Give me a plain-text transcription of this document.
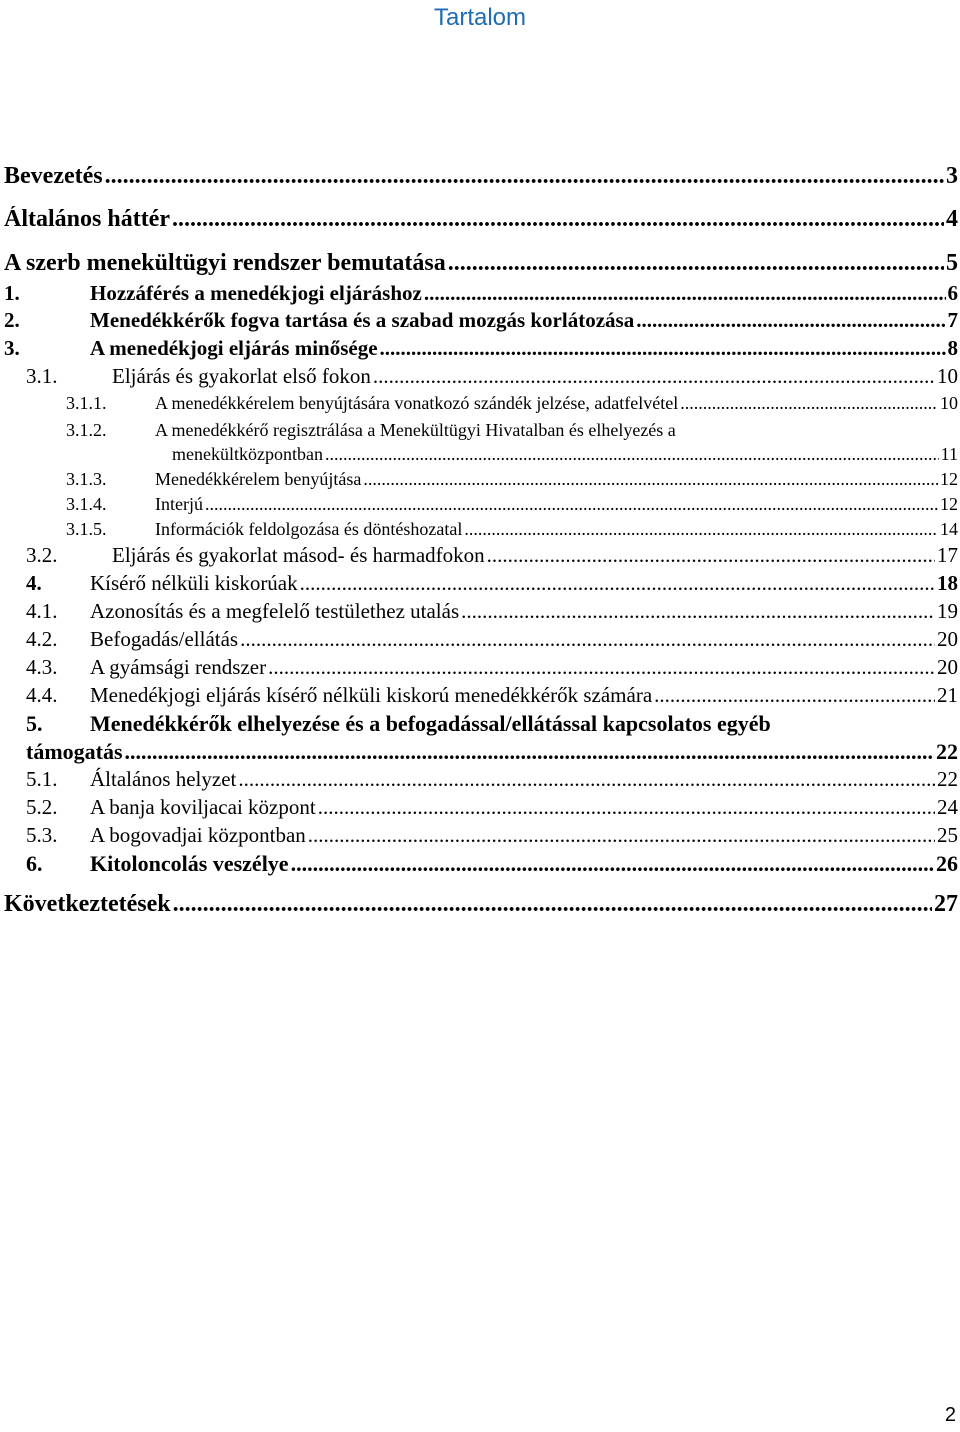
Tartalom
Bevezetés .....	3
Általános háttér .....	4
A szerb menekültügyi rendszer bemutatása .....	5
1.	Hozzáférés a menedékjogi eljáráshoz .....	6
2.	Menedékkérők fogva tartása és a szabad mozgás korlátozása .....	7
3.	A menedékjogi eljárás minősége .....	8
3.1.	Eljárás és gyakorlat első fokon .....	10
3.1.1.	A menedékkérelem benyújtására vonatkozó szándék jelzése, adatfelvétel .....	10
3.1.2.	A menedékkérő regisztrálása a Menekültügyi Hivatalban és elhelyezés a
menekültközpontban .....	11
3.1.3.	Menedékkérelem benyújtása .....	12
3.1.4.	Interjú .....	12
3.1.5.	Információk feldolgozása és döntéshozatal .....	14
3.2.	Eljárás és gyakorlat másod- és harmadfokon .....	17
4.	Kísérő nélküli kiskorúak .....	18
4.1.	Azonosítás és a megfelelő testülethez utalás .....	19
4.2.	Befogadás/ellátás .....	20
4.3.	A gyámsági rendszer .....	20
4.4.	Menedékjogi eljárás kísérő nélküli kiskorú menedékkérők számára .....	21
5. Menedékkérők elhelyezése és a befogadással/ellátással kapcsolatos egyéb
támogatás .....	22
5.1.	Általános helyzet .....	22
5.2.	A banja koviljacai központ .....	24
5.3.	A bogovadjai központban .....	25
6.	Kitoloncolás veszélye .....	26
Következtetések .....	27
2
